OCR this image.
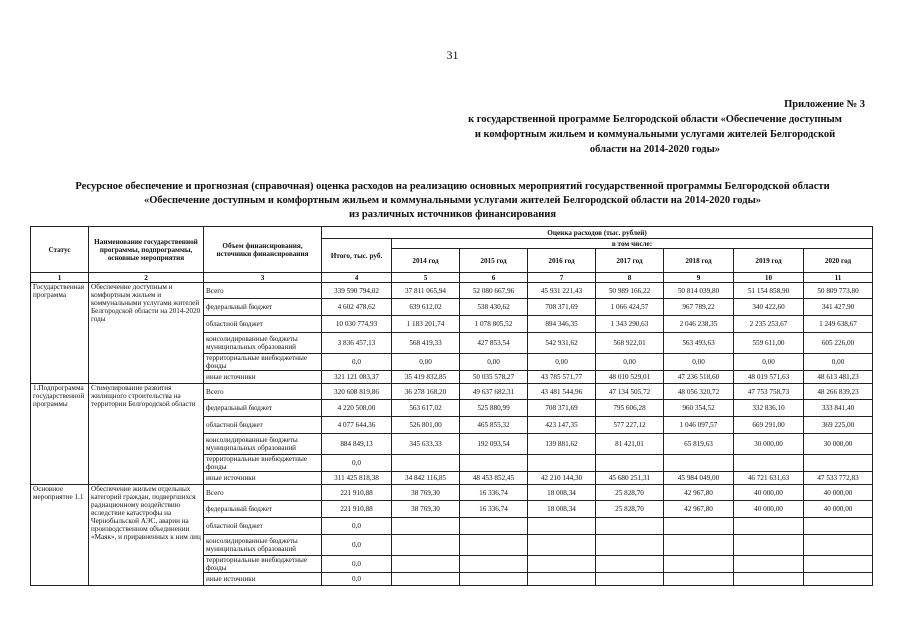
31
Приложение № 3
к государственной программе Белгородской области «Обеспечение доступным
и комфортным жильем и коммунальными услугами жителей Белгородской
области на 2014-2020 годы»
Ресурсное обеспечение и прогнозная (справочная) оценка расходов на реализацию основных мероприятий государственной программы Белгородской области
«Обеспечение доступным и комфортным жильем и коммунальными услугами жителей Белгородской области на 2014-2020 годы»
из различных источников финансирования
Статус	Наименование государственной программы, подпрограммы, основные мероприятия	Объем финансирования, источники финансирования	Оценка расходов (тыс. рублей)							
			Итого, тыс. руб.	в том числе:						
				2014 год	2015 год	2016 год	2017 год	2018 год	2019 год	2020 год
1	2	3	4	5	6	7	8	9	10	11
Государственная программа	Обеспечение доступным и комфортным жильем и коммунальными услугами жителей Белгородской области на 2014-2020 годы	Всего	339 590 794,02	37 811 065,94	52 080 667,96	45 931 221,43	50 989 166,22	50 814 039,80	51 154 858,90	50 809 773,80
		федеральный бюджет	4 602 478,62	639 612,02	538 430,62	708 371,69	1 066 424,57	967 789,22	340 422,60	341 427,90
		областной бюджет	10 030 774,93	1 183 201,74	1 078 805,52	894 346,35	1 343 290,63	2 046 238,35	2 235 253,67	1 249 638,67
		консолидированные бюджеты муниципальных образований	3 836 457,13	568 419,33	427 853,54	542 931,62	568 922,01	563 493,63	559 611,00	605 226,00
		территориальные внебюджетные фонды	0,0	0,00	0,00	0,00	0,00	0,00	0,00	0,00
		иные источники	321 121 083,37	35 419 832,85	50 035 578,27	43 785 571,77	48 010 529,01	47 236 518,60	48 019 571,63	48 613 481,23
1.Подпрограмма государственной программы	Стимулирование развития жилищного строительства на территории Белгородской области	Всего	320 608 819,86	36 278 168,20	49 637 682,31	43 481 544,96	47 134 505,72	48 056 320,72	47 753 758,73	48 266 839,23
		федеральный бюджет	4 220 508,00	563 617,02	525 880,99	708 371,69	795 606,28	960 354,52	332 836,10	333 841,40
		областной бюджет	4 077 644,36	526 801,00	465 855,32	423 147,35	577 227,12	1 046 097,57	669 291,00	369 225,00
		консолидированные бюджеты муниципальных образований	884 849,13	345 633,33	192 093,54	139 881,62	81 421,01	65 819,63	30 000,00	30 000,00
		территориальные внебюджетные фонды	0,0							
		иные источники	311 425 818,38	34 842 116,85	48 453 852,45	42 210 144,30	45 680 251,31	45 984 049,00	46 721 631,63	47 533 772,83
Основное мероприятие 1.1	Обеспечение жильем отдельных категорий граждан, подвергшихся радиационному воздействию вследствие катастрофы на Чернобыльской АЭС, аварии на производственном объединении «Маяк», и приравненных к ним лиц	Всего	221 910,88	38 769,30	16 336,74	18 008,34	25 828,70	42 967,80	40 000,00	40 000,00
		федеральный бюджет	221 910,88	38 769,30	16 336,74	18 008,34	25 828,70	42 967,80	40 000,00	40 000,00
		областной бюджет	0,0							
		консолидированные бюджеты муниципальных образований	0,0							
		территориальные внебюджетные фонды	0,0							
		иные источники	0,0							
